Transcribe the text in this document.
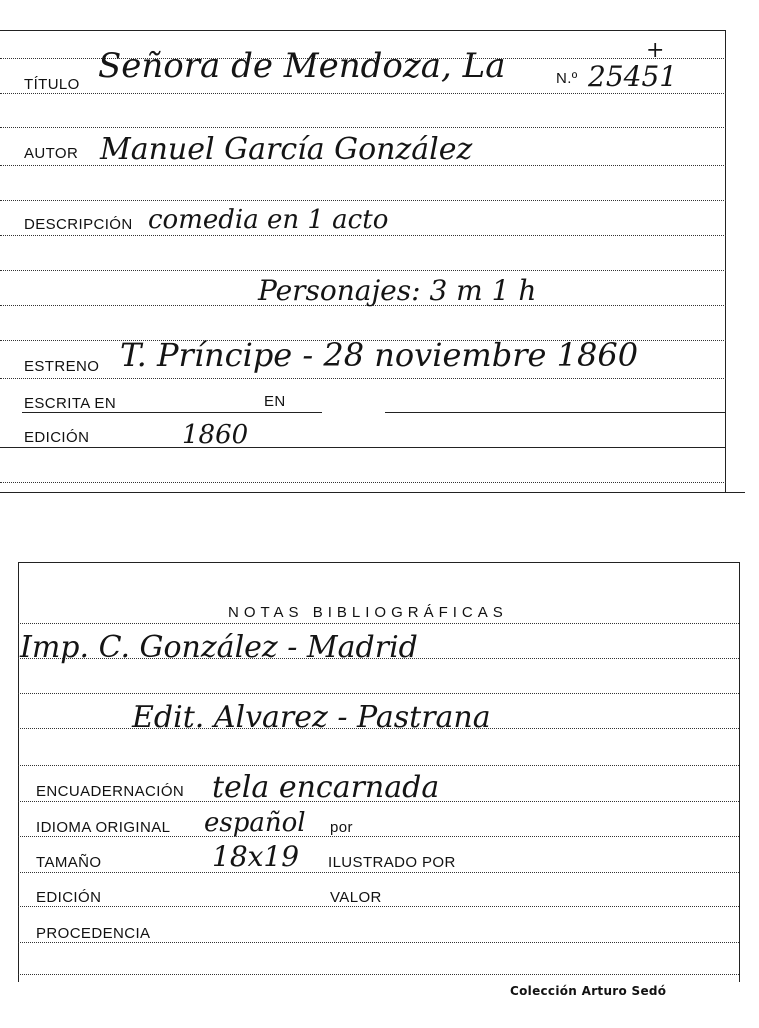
TÍTULO Señora de Mendoza, La	N.º 25451
+
AUTOR Manuel García González
DESCRIPCIÓN comedia en 1 acto
Personajes: 3 m 1 h
ESTRENO T. Príncipe - 28 noviembre 1860
ESCRITA EN	EN
EDICIÓN	1860
NOTAS BIBLIOGRÁFICAS
Imp. C. González - Madrid
Edit. Alvarez - Pastrana
ENCUADERNACIÓN tela encarnada
IDIOMA ORIGINAL español por
TAMAÑO	18x19 ILUSTRADO POR
EDICIÓN	VALOR
PROCEDENCIA
Colección Arturo Sedó
